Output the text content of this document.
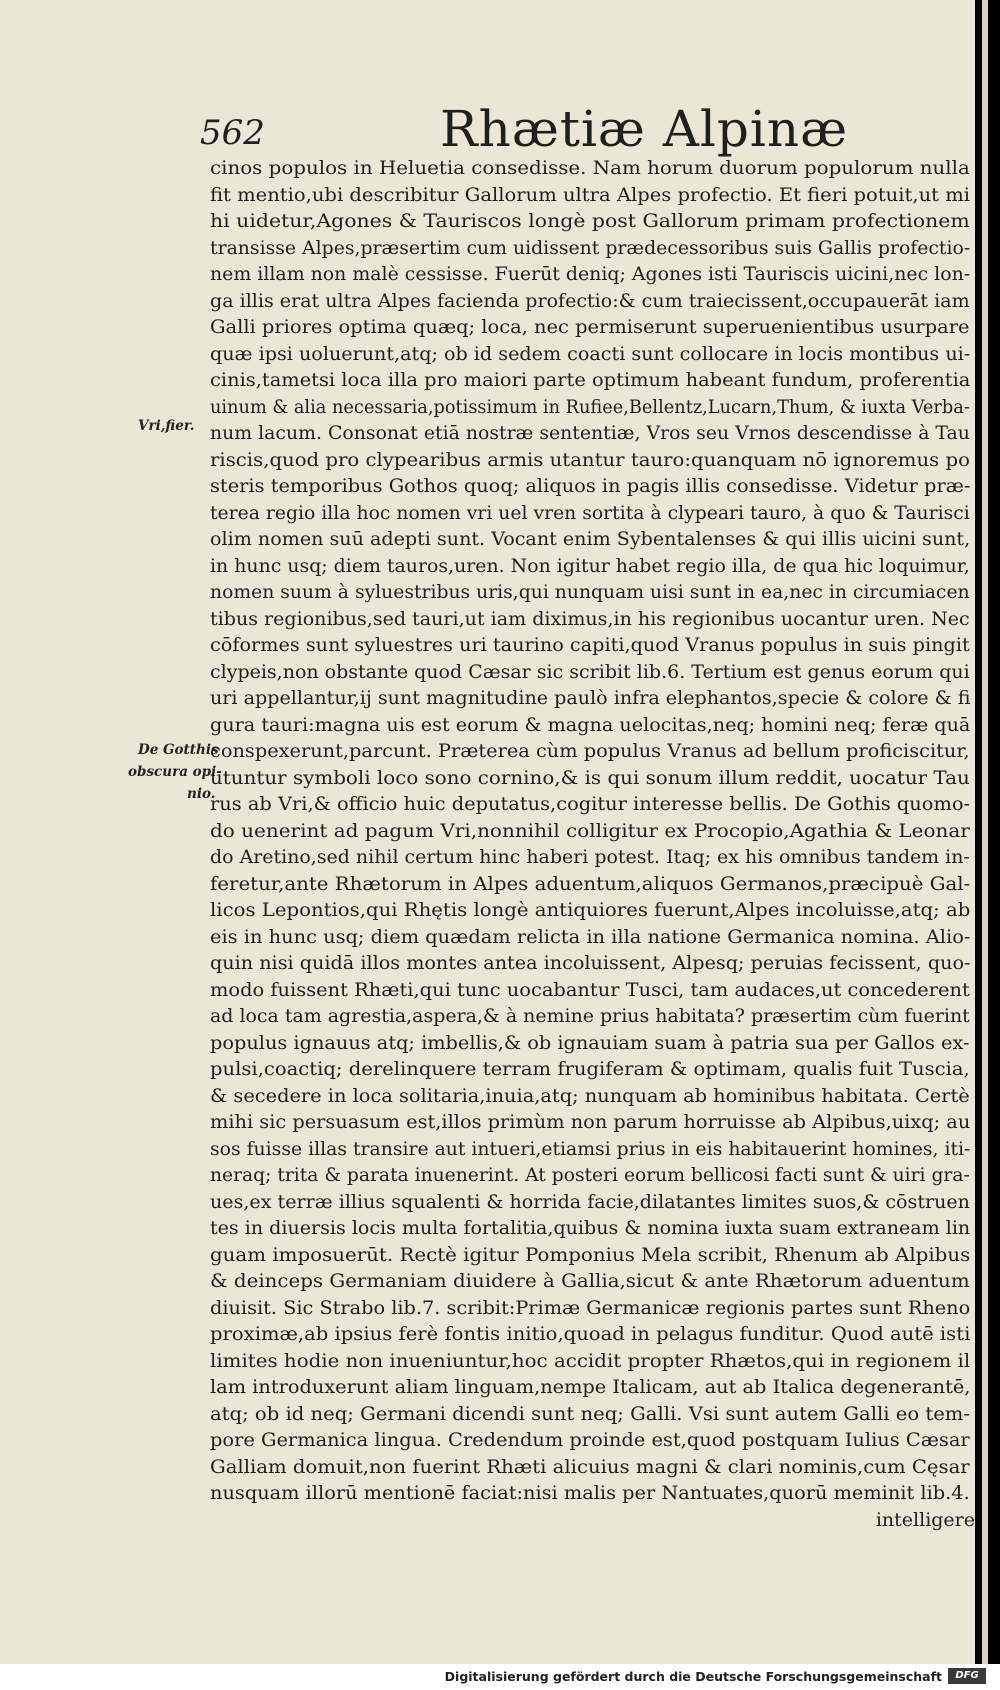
562	Rhætiæ Alpinæ
Vri,fier.
De Gotthis
obscura opi-
nio.
cinos populos in Heluetia consedisse. Nam horum duorum populorum nulla
fit mentio,ubi describitur Gallorum ultra Alpes profectio. Et fieri potuit,ut mi
hi uidetur,Agones & Tauriscos longè post Gallorum primam profectionem
transisse Alpes,præsertim cum uidissent prædecessoribus suis Gallis profectio-
nem illam non malè cessisse. Fuerūt deniq; Agones isti Tauriscis uicini,nec lon-
ga illis erat ultra Alpes facienda profectio:& cum traiecissent,occupauerāt iam
Galli priores optima quæq; loca, nec permiserunt superuenientibus usurpare
quæ ipsi uoluerunt,atq; ob id sedem coacti sunt collocare in locis montibus ui-
cinis,tametsi loca illa pro maiori parte optimum habeant fundum, proferentia
uinum & alia necessaria,potissimum in Rufiee,Bellentz,Lucarn,Thum, & iuxta Verba-
num lacum. Consonat etiā nostræ sententiæ, Vros seu Vrnos descendisse à Tau
riscis,quod pro clypearibus armis utantur tauro:quanquam nō ignoremus po
steris temporibus Gothos quoq; aliquos in pagis illis consedisse. Videtur præ-
terea regio illa hoc nomen vri uel vren sortita à clypeari tauro, à quo & Taurisci
olim nomen suū adepti sunt. Vocant enim Sybentalenses & qui illis uicini sunt,
in hunc usq; diem tauros,uren. Non igitur habet regio illa, de qua hic loquimur,
nomen suum à syluestribus uris,qui nunquam uisi sunt in ea,nec in circumiacen
tibus regionibus,sed tauri,ut iam diximus,in his regionibus uocantur uren. Nec
cōformes sunt syluestres uri taurino capiti,quod Vranus populus in suis pingit
clypeis,non obstante quod Cæsar sic scribit lib.6. Tertium est genus eorum qui
uri appellantur,ij sunt magnitudine paulò infra elephantos,specie & colore & fi
gura tauri:magna uis est eorum & magna uelocitas,neq; homini neq; feræ quā
conspexerunt,parcunt. Præterea cùm populus Vranus ad bellum proficiscitur,
utuntur symboli loco sono cornino,& is qui sonum illum reddit, uocatur Tau
rus ab Vri,& officio huic deputatus,cogitur interesse bellis. De Gothis quomo-
do uenerint ad pagum Vri,nonnihil colligitur ex Procopio,Agathia & Leonar
do Aretino,sed nihil certum hinc haberi potest. Itaq; ex his omnibus tandem in-
feretur,ante Rhætorum in Alpes aduentum,aliquos Germanos,præcipuè Gal-
licos Lepontios,qui Rhętis longè antiquiores fuerunt,Alpes incoluisse,atq; ab
eis in hunc usq; diem quædam relicta in illa natione Germanica nomina. Alio-
quin nisi quidā illos montes antea incoluissent, Alpesq; peruias fecissent, quo-
modo fuissent Rhæti,qui tunc uocabantur Tusci, tam audaces,ut concederent
ad loca tam agrestia,aspera,& à nemine prius habitata? præsertim cùm fuerint
populus ignauus atq; imbellis,& ob ignauiam suam à patria sua per Gallos ex-
pulsi,coactiq; derelinquere terram frugiferam & optimam, qualis fuit Tuscia,
& secedere in loca solitaria,inuia,atq; nunquam ab hominibus habitata. Certè
mihi sic persuasum est,illos primùm non parum horruisse ab Alpibus,uixq; au
sos fuisse illas transire aut intueri,etiamsi prius in eis habitauerint homines, iti-
neraq; trita & parata inuenerint. At posteri eorum bellicosi facti sunt & uiri gra-
ues,ex terræ illius squalenti & horrida facie,dilatantes limites suos,& cōstruen
tes in diuersis locis multa fortalitia,quibus & nomina iuxta suam extraneam lin
guam imposuerūt. Rectè igitur Pomponius Mela scribit, Rhenum ab Alpibus
& deinceps Germaniam diuidere à Gallia,sicut & ante Rhætorum aduentum
diuisit. Sic Strabo lib.7. scribit:Primæ Germanicæ regionis partes sunt Rheno
proximæ,ab ipsius ferè fontis initio,quoad in pelagus funditur. Quod autē isti
limites hodie non inueniuntur,hoc accidit propter Rhætos,qui in regionem il
lam introduxerunt aliam linguam,nempe Italicam, aut ab Italica degenerantē,
atq; ob id neq; Germani dicendi sunt neq; Galli. Vsi sunt autem Galli eo tem-
pore Germanica lingua. Credendum proinde est,quod postquam Iulius Cæsar
Galliam domuit,non fuerint Rhæti alicuius magni & clari nominis,cum Cęsar
nusquam illorū mentionē faciat:nisi malis per Nantuates,quorū meminit lib.4.
intelligere
Digitalisierung gefördert durch die Deutsche Forschungsgemeinschaft	DFG
